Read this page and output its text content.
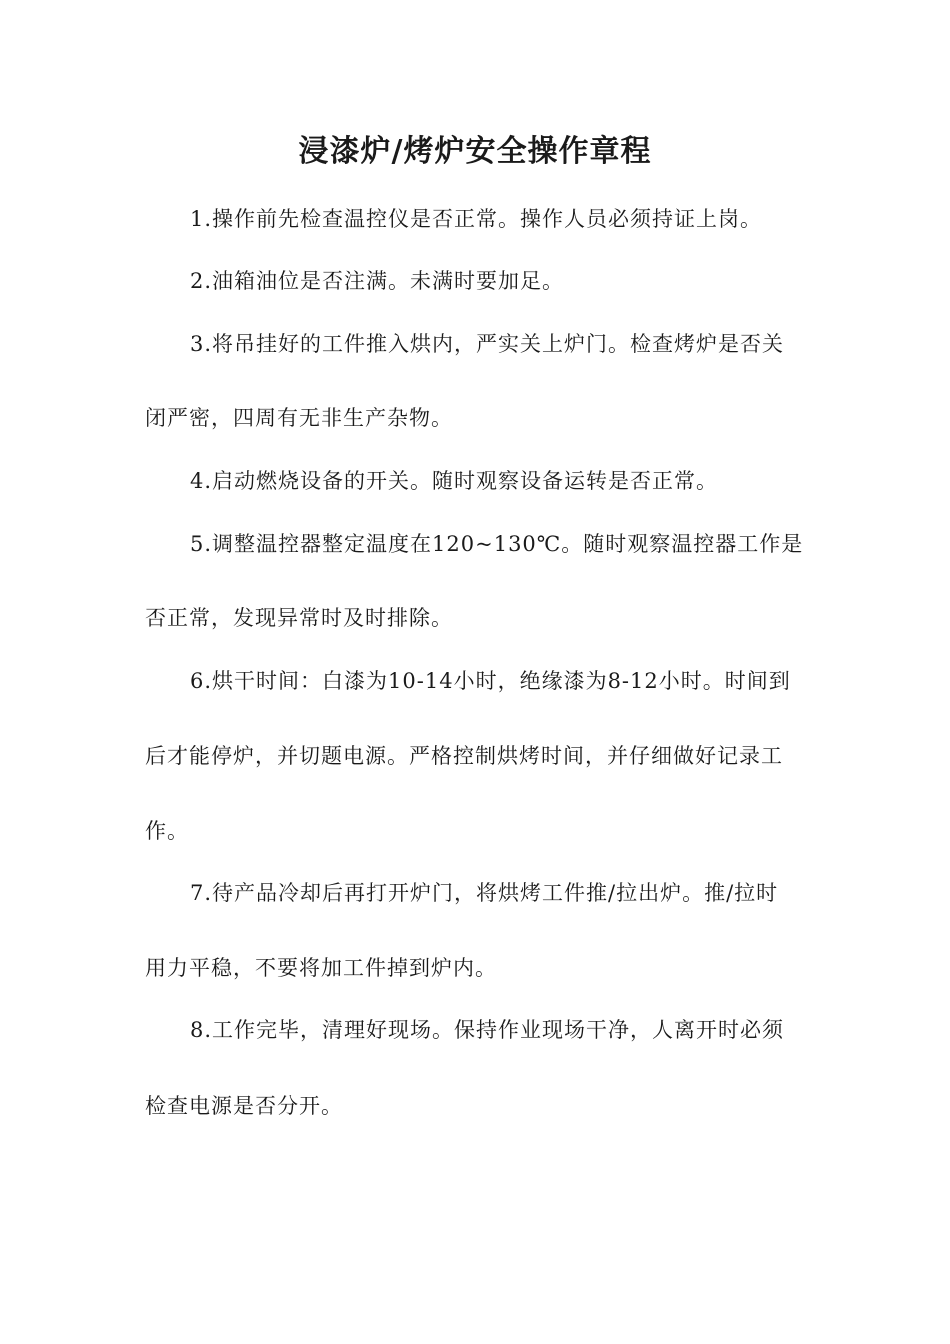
浸漆炉/烤炉安全操作章程
1.操作前先检查温控仪是否正常。操作人员必须持证上岗。
2.油箱油位是否注满。未满时要加足。
3.将吊挂好的工件推入烘内，严实关上炉门。检查烤炉是否关
闭严密，四周有无非生产杂物。
4.启动燃烧设备的开关。随时观察设备运转是否正常。
5.调整温控器整定温度在120~130℃。随时观察温控器工作是
否正常，发现异常时及时排除。
6.烘干时间：白漆为10-14小时，绝缘漆为8-12小时。时间到
后才能停炉，并切题电源。严格控制烘烤时间，并仔细做好记录工
作。
7.待产品冷却后再打开炉门，将烘烤工件推/拉出炉。推/拉时
用力平稳，不要将加工件掉到炉内。
8.工作完毕，清理好现场。保持作业现场干净，人离开时必须
检查电源是否分开。
